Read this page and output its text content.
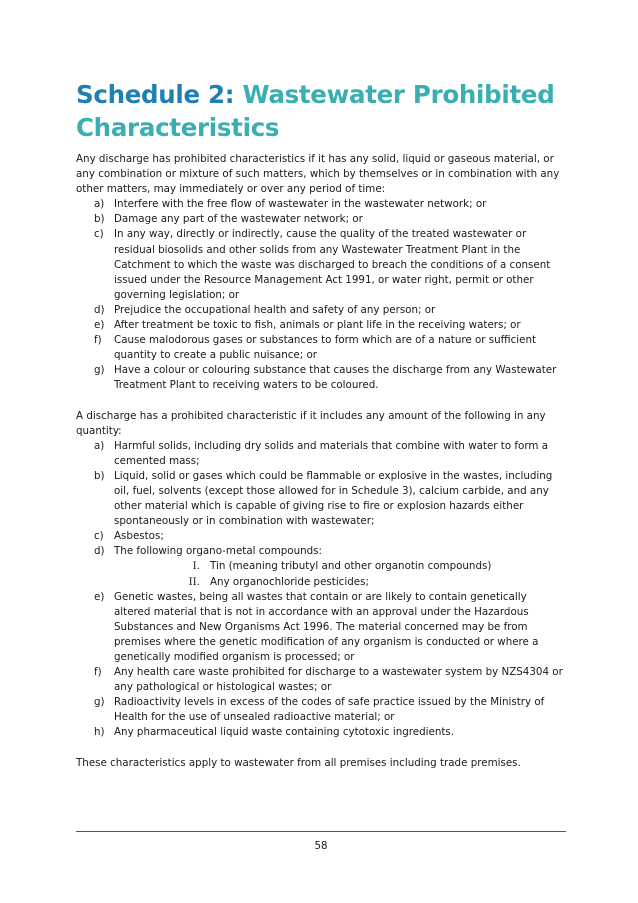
Schedule 2: Wastewater Prohibited Characteristics

Any discharge has prohibited characteristics if it has any solid, liquid or gaseous material, or any combination or mixture of such matters, which by themselves or in combination with any other matters, may immediately or over any period of time:

a) Interfere with the free flow of wastewater in the wastewater network; or
b) Damage any part of the wastewater network; or
c) In any way, directly or indirectly, cause the quality of the treated wastewater or residual biosolids and other solids from any Wastewater Treatment Plant in the Catchment to which the waste was discharged to breach the conditions of a consent issued under the Resource Management Act 1991, or water right, permit or other governing legislation; or
d) Prejudice the occupational health and safety of any person; or
e) After treatment be toxic to fish, animals or plant life in the receiving waters; or
f) Cause malodorous gases or substances to form which are of a nature or sufficient quantity to create a public nuisance; or
g) Have a colour or colouring substance that causes the discharge from any Wastewater Treatment Plant to receiving waters to be coloured.

A discharge has a prohibited characteristic if it includes any amount of the following in any quantity:

a) Harmful solids, including dry solids and materials that combine with water to form a cemented mass;
b) Liquid, solid or gases which could be flammable or explosive in the wastes, including oil, fuel, solvents (except those allowed for in Schedule 3), calcium carbide, and any other material which is capable of giving rise to fire or explosion hazards either spontaneously or in combination with wastewater;
c) Asbestos;
d) The following organo-metal compounds:
I. Tin (meaning tributyl and other organotin compounds)
II. Any organochloride pesticides;
e) Genetic wastes, being all wastes that contain or are likely to contain genetically altered material that is not in accordance with an approval under the Hazardous Substances and New Organisms Act 1996. The material concerned may be from premises where the genetic modification of any organism is conducted or where a genetically modified organism is processed; or
f) Any health care waste prohibited for discharge to a wastewater system by NZS4304 or any pathological or histological wastes; or
g) Radioactivity levels in excess of the codes of safe practice issued by the Ministry of Health for the use of unsealed radioactive material; or
h) Any pharmaceutical liquid waste containing cytotoxic ingredients.

These characteristics apply to wastewater from all premises including trade premises.

58
